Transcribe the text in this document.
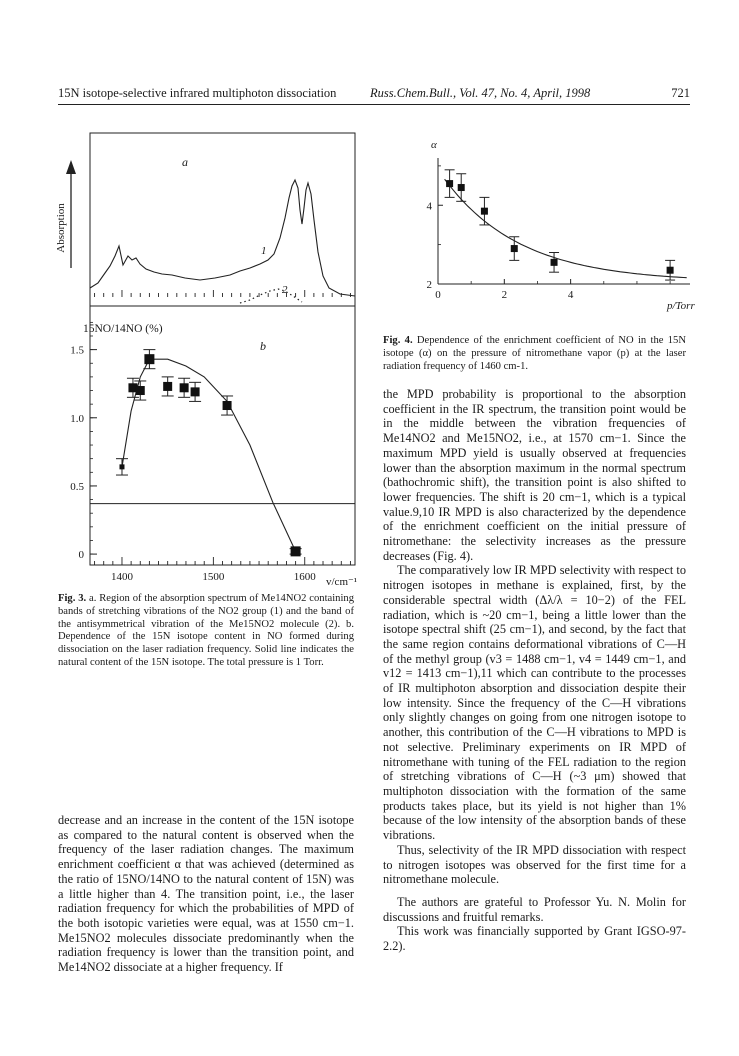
15N isotope-selective infrared multiphoton dissociation	Russ.Chem.Bull., Vol. 47, No. 4, April, 1998	721
Absorption
a
1
2
15NO/14NO (%)
b
v/cm⁻¹
0
0.5
1.0
1.5
1400	1500	1600
Fig. 3. a. Region of the absorption spectrum of Me14NO2 containing bands of stretching vibrations of the NO2 group (1) and the band of the antisymmetrical vibration of the Me15NO2 molecule (2). b. Dependence of the 15N isotope content in NO formed during dissociation on the laser radiation frequency. Solid line indicates the natural content of the 15N isotope. The total pressure is 1 Torr.
α
p/Torr
2
4
0	2	4
Fig. 4. Dependence of the enrichment coefficient of NO in the 15N isotope (α) on the pressure of nitromethane vapor (p) at the laser radiation frequency of 1460 cm-1.

decrease and an increase in the content of the 15N isotope as compared to the natural content is observed when the frequency of the laser radiation changes. The maximum enrichment coefficient α that was achieved (determined as the ratio of 15NO/14NO to the natural content of 15N) was a little higher than 4. The transition point, i.e., the laser radiation frequency for which the probabilities of MPD of the both isotopic varieties were equal, was at 1550 cm−1. Me15NO2 molecules dissociate predominantly when the radiation frequency is lower than the transition point, and Me14NO2 dissociate at a higher frequency. If

the MPD probability is proportional to the absorption coefficient in the IR spectrum, the transition point would be in the middle between the vibration frequencies of Me14NO2 and Me15NO2, i.e., at 1570 cm−1. Since the maximum MPD yield is usually observed at frequencies lower than the absorption maximum in the normal spectrum (bathochromic shift), the transition point is also shifted to lower frequencies. The shift is 20 cm−1, which is a typical value.9,10 IR MPD is also characterized by the dependence of the enrichment coefficient on the initial pressure of nitromethane: the selectivity increases as the pressure decreases (Fig. 4).

The comparatively low IR MPD selectivity with respect to nitrogen isotopes in methane is explained, first, by the considerable spectral width (Δλ/λ = 10−2) of the FEL radiation, which is ~20 cm−1, being a little lower than the isotope spectral shift (25 cm−1), and second, by the fact that the same region contains deformational vibrations of C—H of the methyl group (v3 = 1488 cm−1, v4 = 1449 cm−1, and v12 = 1413 cm−1),11 which can contribute to the processes of IR multiphoton absorption and dissociation despite their low intensity. Since the frequency of the C—H vibrations only slightly changes on going from one nitrogen isotope to another, this contribution of the C—H vibrations to MPD is not selective. Preliminary experiments on IR MPD of nitromethane with tuning of the FEL radiation to the region of stretching vibrations of C—H (~3 μm) showed that multiphoton dissociation with the formation of the same products takes place, but its yield is not higher than 1% because of the low intensity of the absorption bands of these vibrations.

Thus, selectivity of the IR MPD dissociation with respect to nitrogen isotopes was observed for the first time for a nitromethane molecule.

The authors are grateful to Professor Yu. N. Molin for discussions and fruitful remarks.

This work was financially supported by Grant IGSO-97-2.2).
